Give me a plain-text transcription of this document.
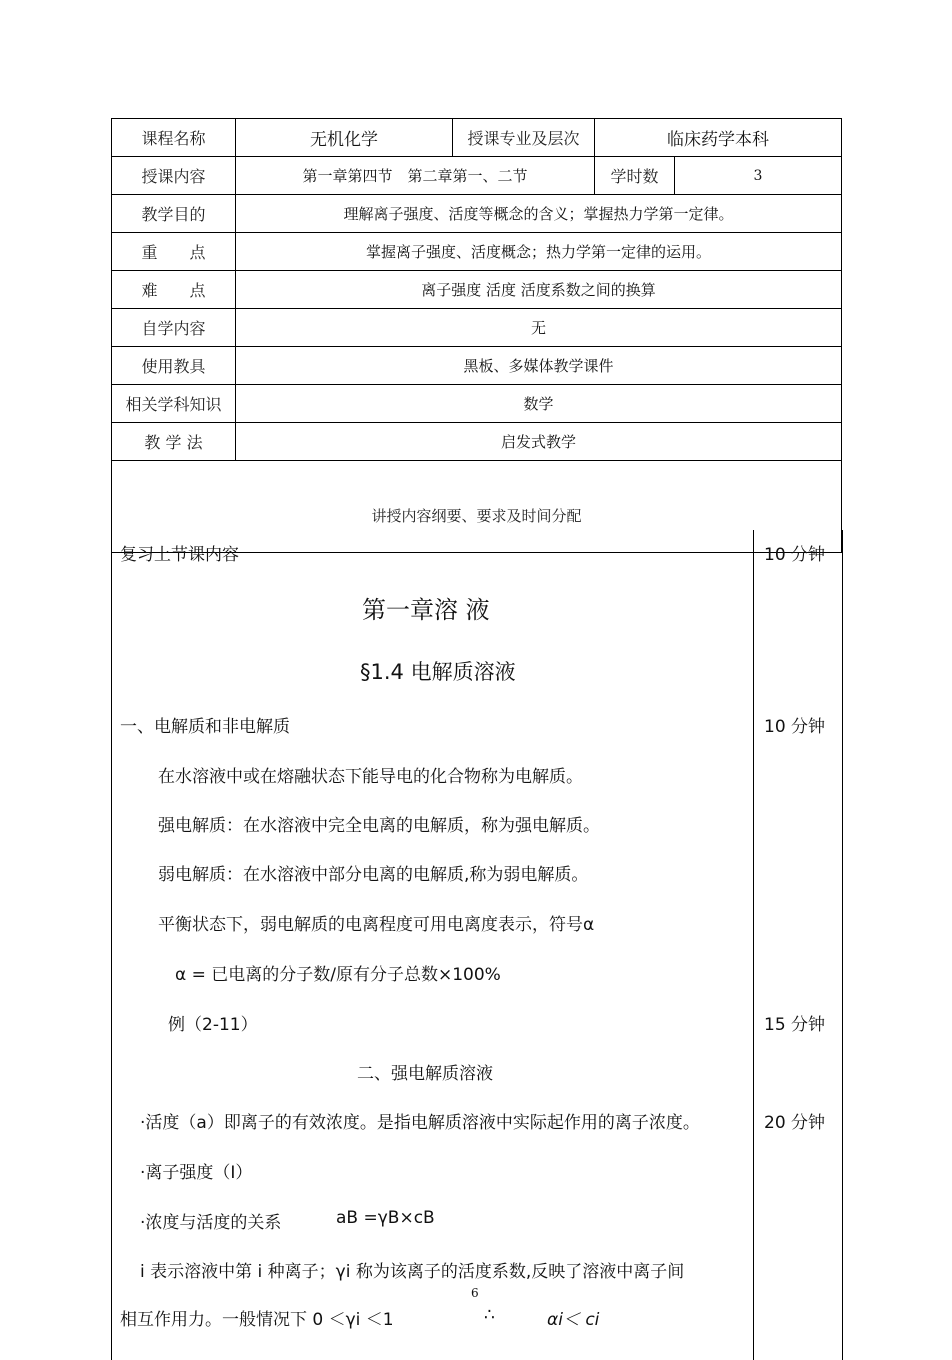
课程名称	无机化学	授课专业及层次	临床药学本科	
授课内容	第一章第四节　第二章第一、二节		学时数	3
教学目的	理解离子强度、活度等概念的含义；掌握热力学第一定律。			
重　　点	掌握离子强度、活度概念；热力学第一定律的运用。			
难　　点	离子强度 活度 活度系数之间的换算			
自学内容	无			
使用教具	黑板、多媒体教学课件			
相关学科知识	数学			
教 学 法	启发式教学			
讲授内容纲要、要求及时间分配				
复习上节课内容	10 分钟
第一章溶 液
§1.4 电解质溶液
一、电解质和非电解质	10 分钟
在水溶液中或在熔融状态下能导电的化合物称为电解质。
强电解质：在水溶液中完全电离的电解质，称为强电解质。
弱电解质：在水溶液中部分电离的电解质,称为弱电解质。
平衡状态下，弱电解质的电离程度可用电离度表示，符号α
α = 已电离的分子数/原有分子总数×100%
例（2-11）	15 分钟
二、强电解质溶液
·活度（a）即离子的有效浓度。是指电解质溶液中实际起作用的离子浓度。	20 分钟
·离子强度（I）
·浓度与活度的关系	aB =γB×cB
i 表示溶液中第 i 种离子；γi 称为该离子的活度系数,反映了溶液中离子间
6
相互作用力。一般情况下 0 ＜γi ＜1	∴	αi＜ ci
